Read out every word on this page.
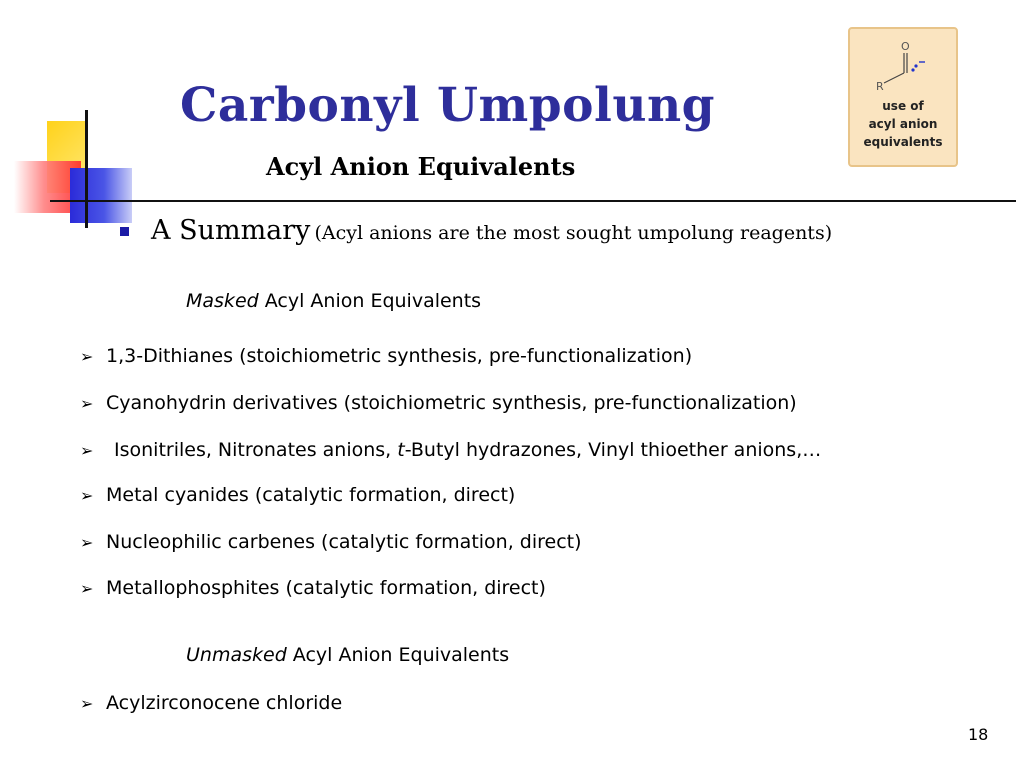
Carbonyl Umpolung
Acyl Anion Equivalents
O
R
use of
acyl anion
equivalents
A Summary (Acyl anions are the most sought umpolung reagents)
Masked Acyl Anion Equivalents
➢ 1,3-Dithianes (stoichiometric synthesis, pre-functionalization)
➢ Cyanohydrin derivatives (stoichiometric synthesis, pre-functionalization)
➢ Isonitriles, Nitronates anions, t-Butyl hydrazones, Vinyl thioether anions,…
➢ Metal cyanides (catalytic formation, direct)
➢ Nucleophilic carbenes (catalytic formation, direct)
➢ Metallophosphites (catalytic formation, direct)
Unmasked Acyl Anion Equivalents
➢ Acylzirconocene chloride
18
